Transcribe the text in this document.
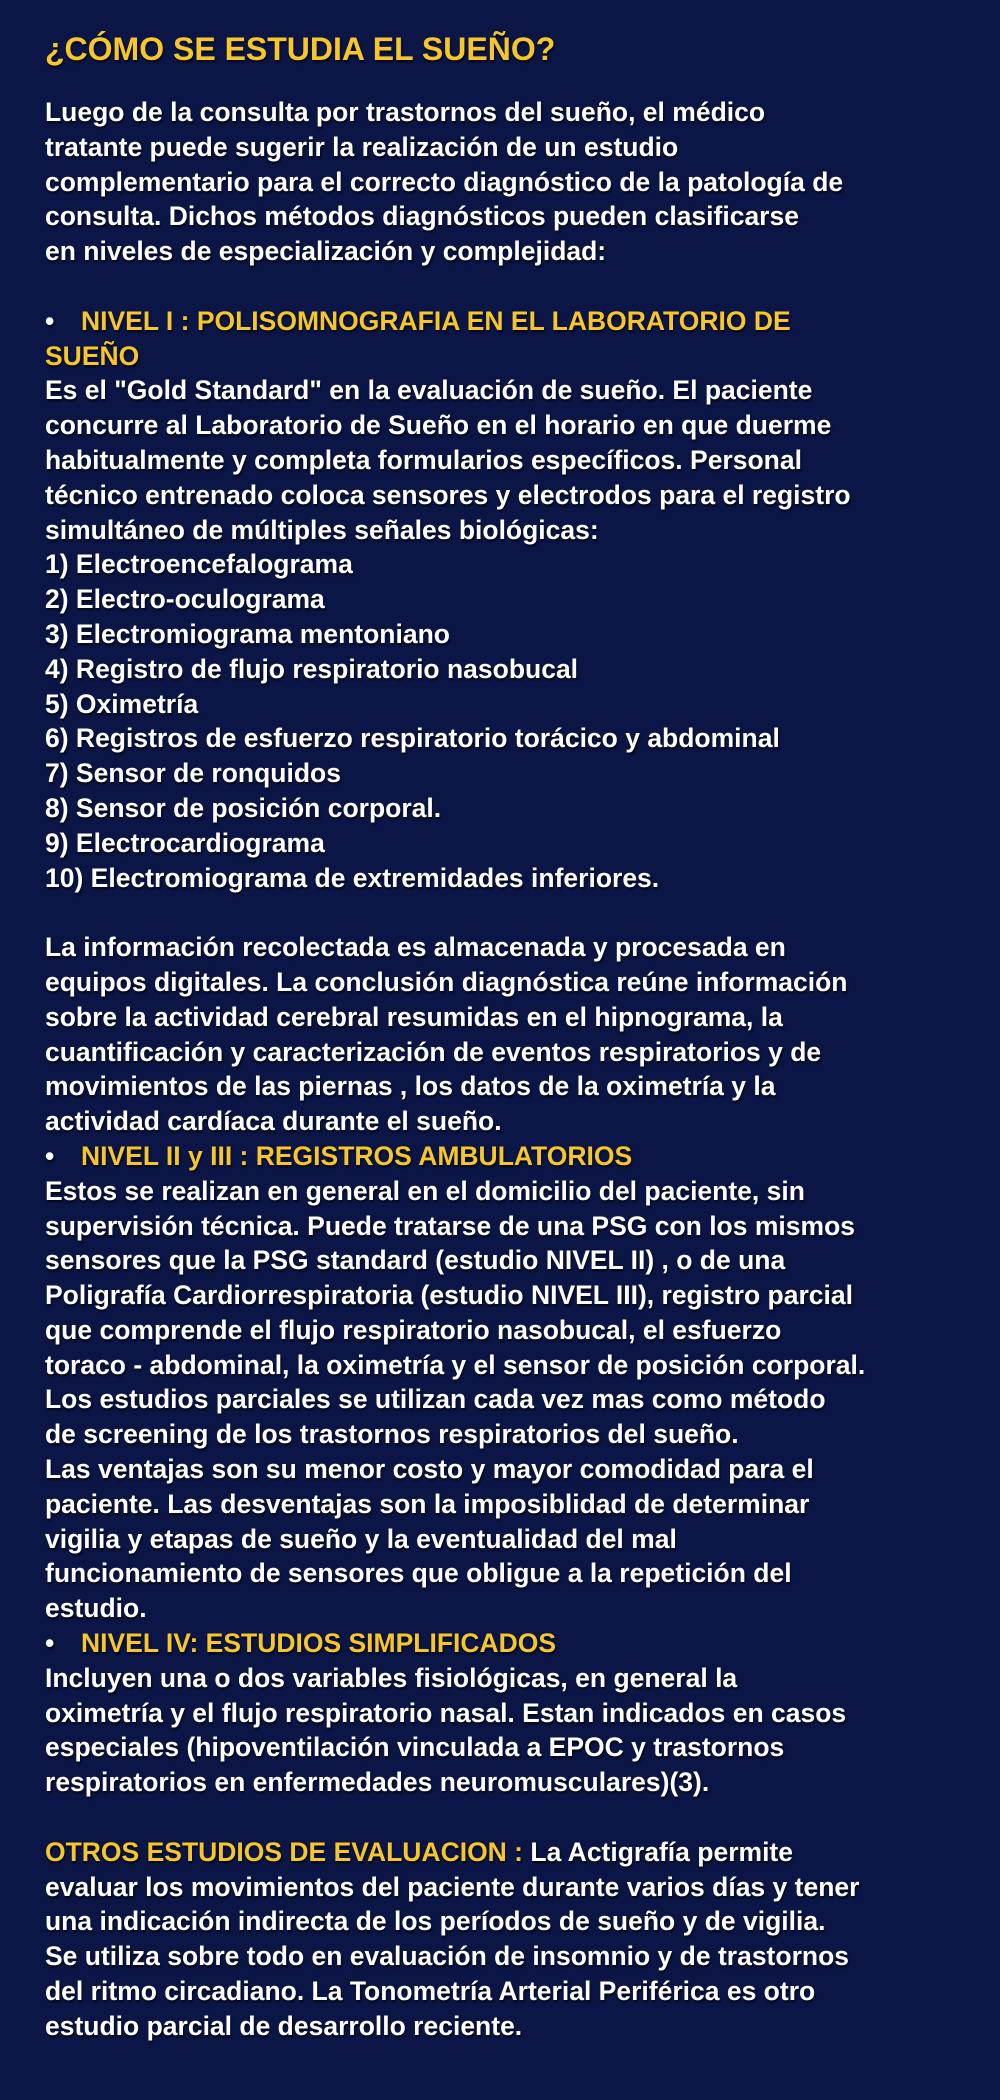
¿CÓMO SE ESTUDIA EL SUEÑO?
Luego de la consulta por trastornos del sueño, el médico
tratante puede sugerir la realización de un estudio
complementario para el correcto diagnóstico de la patología de
consulta. Dichos métodos diagnósticos pueden clasificarse
en niveles de especialización y complejidad:
• NIVEL I : POLISOMNOGRAFIA EN EL LABORATORIO DE
SUEÑO
Es el "Gold Standard" en la evaluación de sueño. El paciente
concurre al Laboratorio de Sueño en el horario en que duerme
habitualmente y completa formularios específicos. Personal
técnico entrenado coloca sensores y electrodos para el registro
simultáneo de múltiples señales biológicas:
1) Electroencefalograma
2) Electro-oculograma
3) Electromiograma mentoniano
4) Registro de flujo respiratorio nasobucal
5) Oximetría
6) Registros de esfuerzo respiratorio torácico y abdominal
7) Sensor de ronquidos
8) Sensor de posición corporal.
9) Electrocardiograma
10) Electromiograma de extremidades inferiores.
La información recolectada es almacenada y procesada en
equipos digitales. La conclusión diagnóstica reúne información
sobre la actividad cerebral resumidas en el hipnograma, la
cuantificación y caracterización de eventos respiratorios y de
movimientos de las piernas , los datos de la oximetría y la
actividad cardíaca durante el sueño.
• NIVEL II y III : REGISTROS AMBULATORIOS
Estos se realizan en general en el domicilio del paciente, sin
supervisión técnica. Puede tratarse de una PSG con los mismos
sensores que la PSG standard (estudio NIVEL II) , o de una
Poligrafía Cardiorrespiratoria (estudio NIVEL III), registro parcial
que comprende el flujo respiratorio nasobucal, el esfuerzo
toraco - abdominal, la oximetría y el sensor de posición corporal.
Los estudios parciales se utilizan cada vez mas como método
de screening de los trastornos respiratorios del sueño.
Las ventajas son su menor costo y mayor comodidad para el
paciente. Las desventajas son la imposiblidad de determinar
vigilia y etapas de sueño y la eventualidad del mal
funcionamiento de sensores que obligue a la repetición del
estudio.
• NIVEL IV: ESTUDIOS SIMPLIFICADOS
Incluyen una o dos variables fisiológicas, en general la
oximetría y el flujo respiratorio nasal. Estan indicados en casos
especiales (hipoventilación vinculada a EPOC y trastornos
respiratorios en enfermedades neuromusculares)(3).
OTROS ESTUDIOS DE EVALUACION : La Actigrafía permite
evaluar los movimientos del paciente durante varios días y tener
una indicación indirecta de los períodos de sueño y de vigilia.
Se utiliza sobre todo en evaluación de insomnio y de trastornos
del ritmo circadiano. La Tonometría Arterial Periférica es otro
estudio parcial de desarrollo reciente.
